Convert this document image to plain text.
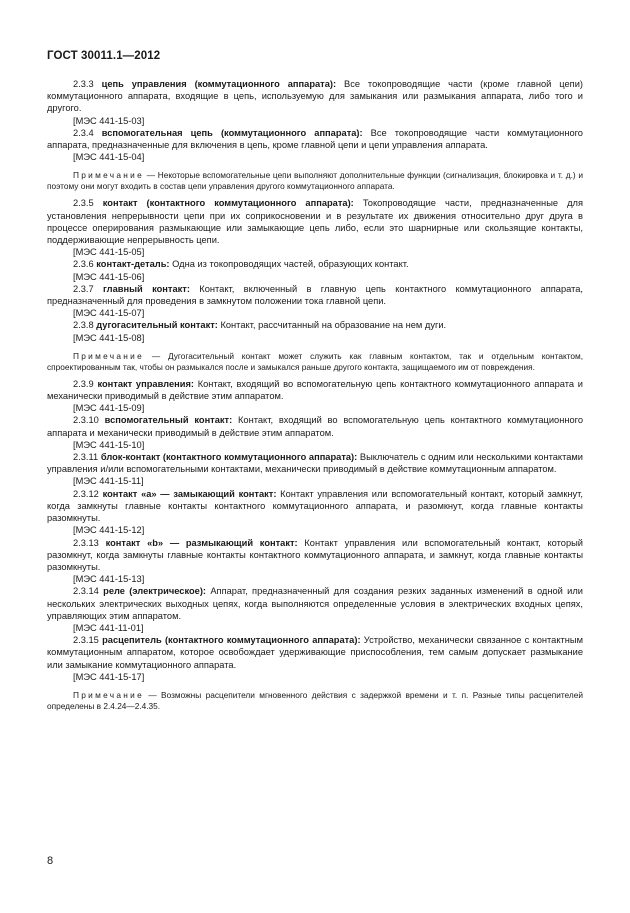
ГОСТ 30011.1—2012

2.3.3 цепь управления (коммутационного аппарата): Все токопроводящие части (кроме главной цепи) коммутационного аппарата, входящие в цепь, используемую для замыкания или размыкания аппарата, либо того и другого.

[МЭС 441-15-03]

2.3.4 вспомогательная цепь (коммутационного аппарата): Все токопроводящие части коммутационного аппарата, предназначенные для включения в цепь, кроме главной цепи и цепи управления аппарата.

[МЭС 441-15-04]

Примечание — Некоторые вспомогательные цепи выполняют дополнительные функции (сигнализация, блокировка и т. д.) и поэтому они могут входить в состав цепи управления другого коммутационного аппарата.

2.3.5 контакт (контактного коммутационного аппарата): Токопроводящие части, предназначенные для установления непрерывности цепи при их соприкосновении и в результате их движения относительно друг друга в процессе оперирования размыкающие или замыкающие цепь либо, если это шарнирные или скользящие контакты, поддерживающие непрерывность цепи.

[МЭС 441-15-05]

2.3.6 контакт-деталь: Одна из токопроводящих частей, образующих контакт.

[МЭС 441-15-06]

2.3.7 главный контакт: Контакт, включенный в главную цепь контактного коммутационного аппарата, предназначенный для проведения в замкнутом положении тока главной цепи.

[МЭС 441-15-07]

2.3.8 дугогасительный контакт: Контакт, рассчитанный на образование на нем дуги.

[МЭС 441-15-08]

Примечание — Дугогасительный контакт может служить как главным контактом, так и отдельным контактом, спроектированным так, чтобы он размыкался после и замыкался раньше другого контакта, защищаемого им от повреждения.

2.3.9 контакт управления: Контакт, входящий во вспомогательную цепь контактного коммутационного аппарата и механически приводимый в действие этим аппаратом.

[МЭС 441-15-09]

2.3.10 вспомогательный контакт: Контакт, входящий во вспомогательную цепь контактного коммутационного аппарата и механически приводимый в действие этим аппаратом.

[МЭС 441-15-10]

2.3.11 блок-контакт (контактного коммутационного аппарата): Выключатель с одним или несколькими контактами управления и/или вспомогательными контактами, механически приводимый в действие коммутационным аппаратом.

[МЭС 441-15-11]

2.3.12 контакт «а» — замыкающий контакт: Контакт управления или вспомогательный контакт, который замкнут, когда замкнуты главные контакты контактного коммутационного аппарата, и разомкнут, когда главные контакты разомкнуты.

[МЭС 441-15-12]

2.3.13 контакт «b» — размыкающий контакт: Контакт управления или вспомогательный контакт, который разомкнут, когда замкнуты главные контакты контактного коммутационного аппарата, и замкнут, когда главные контакты разомкнуты.

[МЭС 441-15-13]

2.3.14 реле (электрическое): Аппарат, предназначенный для создания резких заданных изменений в одной или нескольких электрических выходных цепях, когда выполняются определенные условия в электрических входных цепях, управляющих этим аппаратом.

[МЭС 441-11-01]

2.3.15 расцепитель (контактного коммутационного аппарата): Устройство, механически связанное с контактным коммутационным аппаратом, которое освобождает удерживающие приспособления, тем самым допускает размыкание или замыкание коммутационного аппарата.

[МЭС 441-15-17]

Примечание — Возможны расцепители мгновенного действия с задержкой времени и т. п. Разные типы расцепителей определены в 2.4.24—2.4.35.

8
